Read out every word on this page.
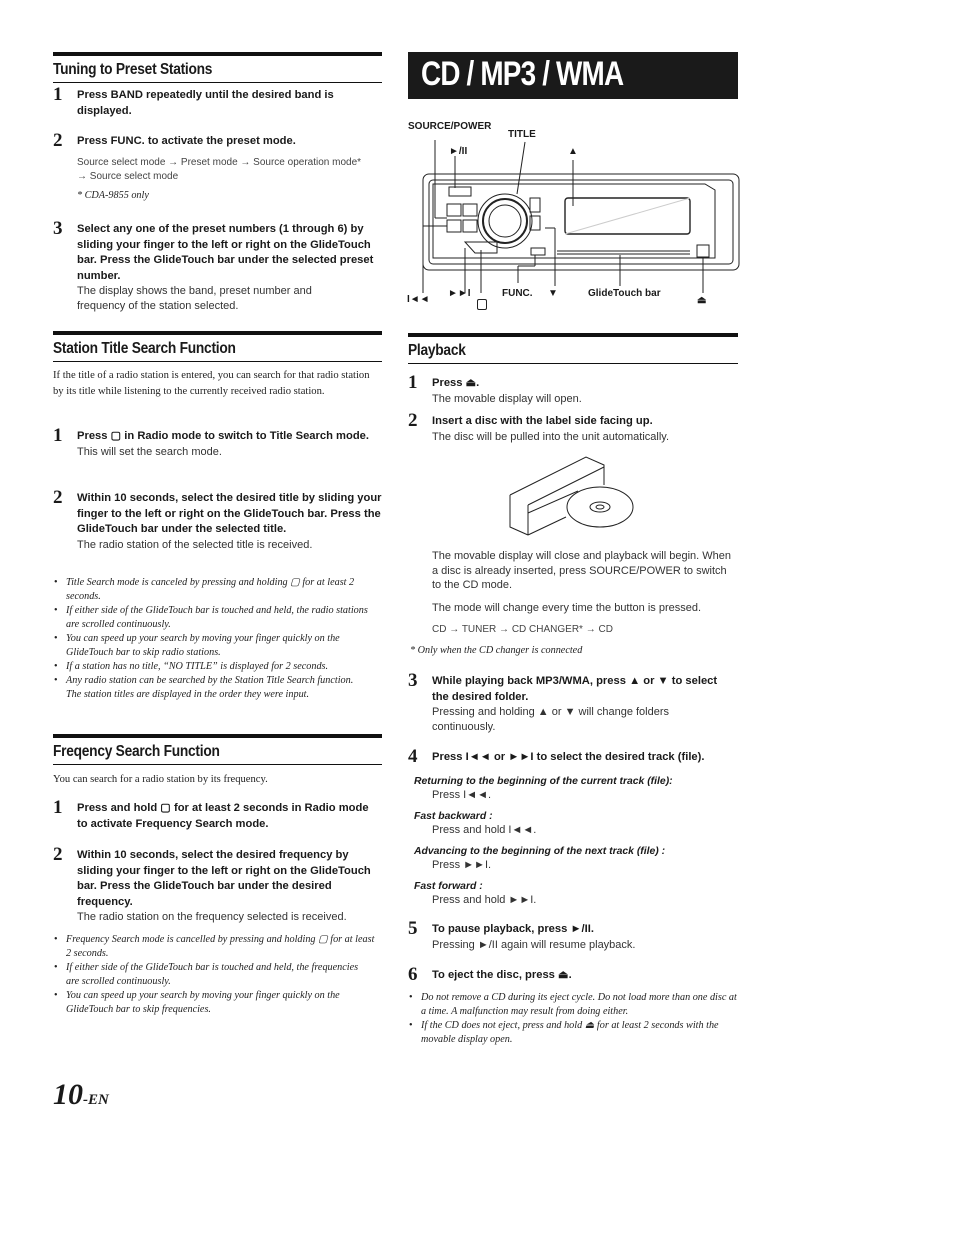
Tuning to Preset Stations
1 Press BAND repeatedly until the desired band is displayed.
2 Press FUNC. to activate the preset mode.
Source select mode → Preset mode → Source operation mode* → Source select mode
* CDA-9855 only
3 Select any one of the preset numbers (1 through 6) by sliding your finger to the left or right on the GlideTouch bar. Press the GlideTouch bar under the selected preset number.
The display shows the band, preset number and frequency of the station selected.
Station Title Search Function
If the title of a radio station is entered, you can search for that radio station by its title while listening to the currently received radio station.
1 Press ▢ in Radio mode to switch to Title Search mode.
This will set the search mode.
2 Within 10 seconds, select the desired title by sliding your finger to the left or right on the GlideTouch bar. Press the GlideTouch bar under the selected title.
The radio station of the selected title is received.
• Title Search mode is canceled by pressing and holding ▢ for at least 2 seconds.
• If either side of the GlideTouch bar is touched and held, the radio stations are scrolled continuously.
• You can speed up your search by moving your finger quickly on the GlideTouch bar to skip radio stations.
• If a station has no title, “NO TITLE” is displayed for 2 seconds.
• Any radio station can be searched by the Station Title Search function. The station titles are displayed in the order they were input.
Freqency Search Function
You can search for a radio station by its frequency.
1 Press and hold ▢ for at least 2 seconds in Radio mode to activate Frequency Search mode.
2 Within 10 seconds, select the desired frequency by sliding your finger to the left or right on the GlideTouch bar. Press the GlideTouch bar under the desired frequency.
The radio station on the frequency selected is received.
• Frequency Search mode is cancelled by pressing and holding ▢ for at least 2 seconds.
• If either side of the GlideTouch bar is touched and held, the frequencies are scrolled continuously.
• You can speed up your search by moving your finger quickly on the GlideTouch bar to skip frequencies.
10-EN
CD / MP3 / WMA
SOURCE/POWER
TITLE
►/II	▲
I◄◄
►►I	FUNC. ▼	GlideTouch bar
⏏
Playback
1 Press ⏏.
The movable display will open.
2 Insert a disc with the label side facing up.
The disc will be pulled into the unit automatically.
The movable display will close and playback will begin. When a disc is already inserted, press SOURCE/POWER to switch to the CD mode.
The mode will change every time the button is pressed.
CD → TUNER → CD CHANGER* → CD
* Only when the CD changer is connected
3 While playing back MP3/WMA, press ▲ or ▼ to select the desired folder.
Pressing and holding ▲ or ▼ will change folders continuously.
4 Press I◄◄ or ►►I to select the desired track (file).
Returning to the beginning of the current track (file):
Press I◄◄.
Fast backward :
Press and hold I◄◄.
Advancing to the beginning of the next track (file) :
Press ►►I.
Fast forward :
Press and hold ►►I.
5 To pause playback, press ►/II.
Pressing ►/II again will resume playback.
6 To eject the disc, press ⏏.
• Do not remove a CD during its eject cycle. Do not load more than one disc at a time. A malfunction may result from doing either.
• If the CD does not eject, press and hold ⏏ for at least 2 seconds with the movable display open.
